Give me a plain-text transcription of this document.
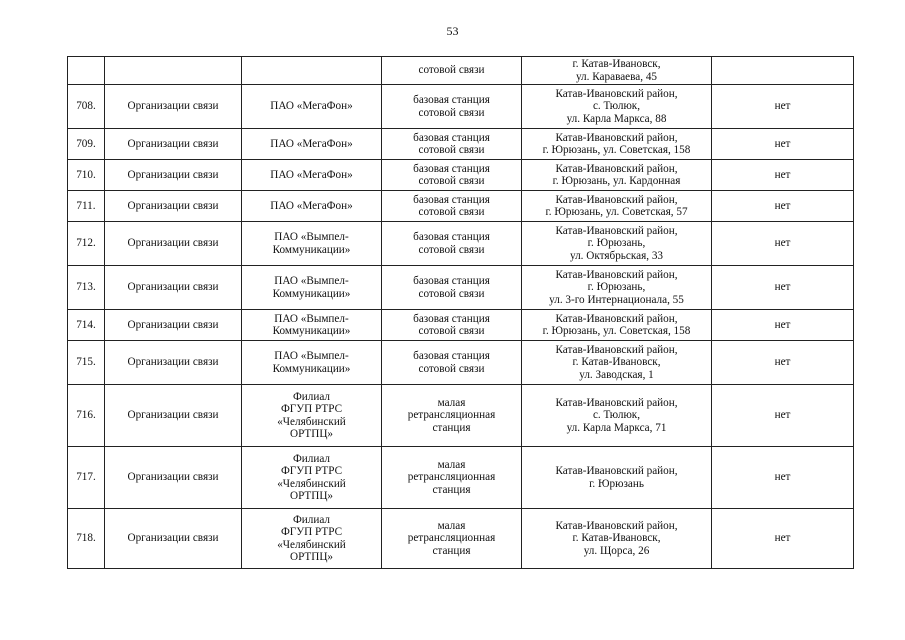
53
			сотовой связи	г. Катав-Ивановск,
ул. Караваева, 45	
708.	Организации связи	ПАО «МегаФон»	базовая станция
сотовой связи	Катав-Ивановский район,
с. Тюлюк,
ул. Карла Маркса, 88	нет
709.	Организации связи	ПАО «МегаФон»	базовая станция
сотовой связи	Катав-Ивановский район,
г. Юрюзань, ул. Советская, 158	нет
710.	Организации связи	ПАО «МегаФон»	базовая станция
сотовой связи	Катав-Ивановский район,
г. Юрюзань, ул. Кардонная	нет
711.	Организации связи	ПАО «МегаФон»	базовая станция
сотовой связи	Катав-Ивановский район,
г. Юрюзань, ул. Советская, 57	нет
712.	Организации связи	ПАО «Вымпел-
Коммуникации»	базовая станция
сотовой связи	Катав-Ивановский район,
г. Юрюзань,
ул. Октябрьская, 33	нет
713.	Организации связи	ПАО «Вымпел-
Коммуникации»	базовая станция
сотовой связи	Катав-Ивановский район,
г. Юрюзань,
ул. 3-го Интернационала, 55	нет
714.	Организации связи	ПАО «Вымпел-
Коммуникации»	базовая станция
сотовой связи	Катав-Ивановский район,
г. Юрюзань, ул. Советская, 158	нет
715.	Организации связи	ПАО «Вымпел-
Коммуникации»	базовая станция
сотовой связи	Катав-Ивановский район,
г. Катав-Ивановск,
ул. Заводская, 1	нет
716.	Организации связи	Филиал
ФГУП РТРС
«Челябинский
ОРТПЦ»	малая
ретрансляционная
станция	Катав-Ивановский район,
с. Тюлюк,
ул. Карла Маркса, 71	нет
717.	Организации связи	Филиал
ФГУП РТРС
«Челябинский
ОРТПЦ»	малая
ретрансляционная
станция	Катав-Ивановский район,
г. Юрюзань	нет
718.	Организации связи	Филиал
ФГУП РТРС
«Челябинский
ОРТПЦ»	малая
ретрансляционная
станция	Катав-Ивановский район,
г. Катав-Ивановск,
ул. Щорса, 26	нет
